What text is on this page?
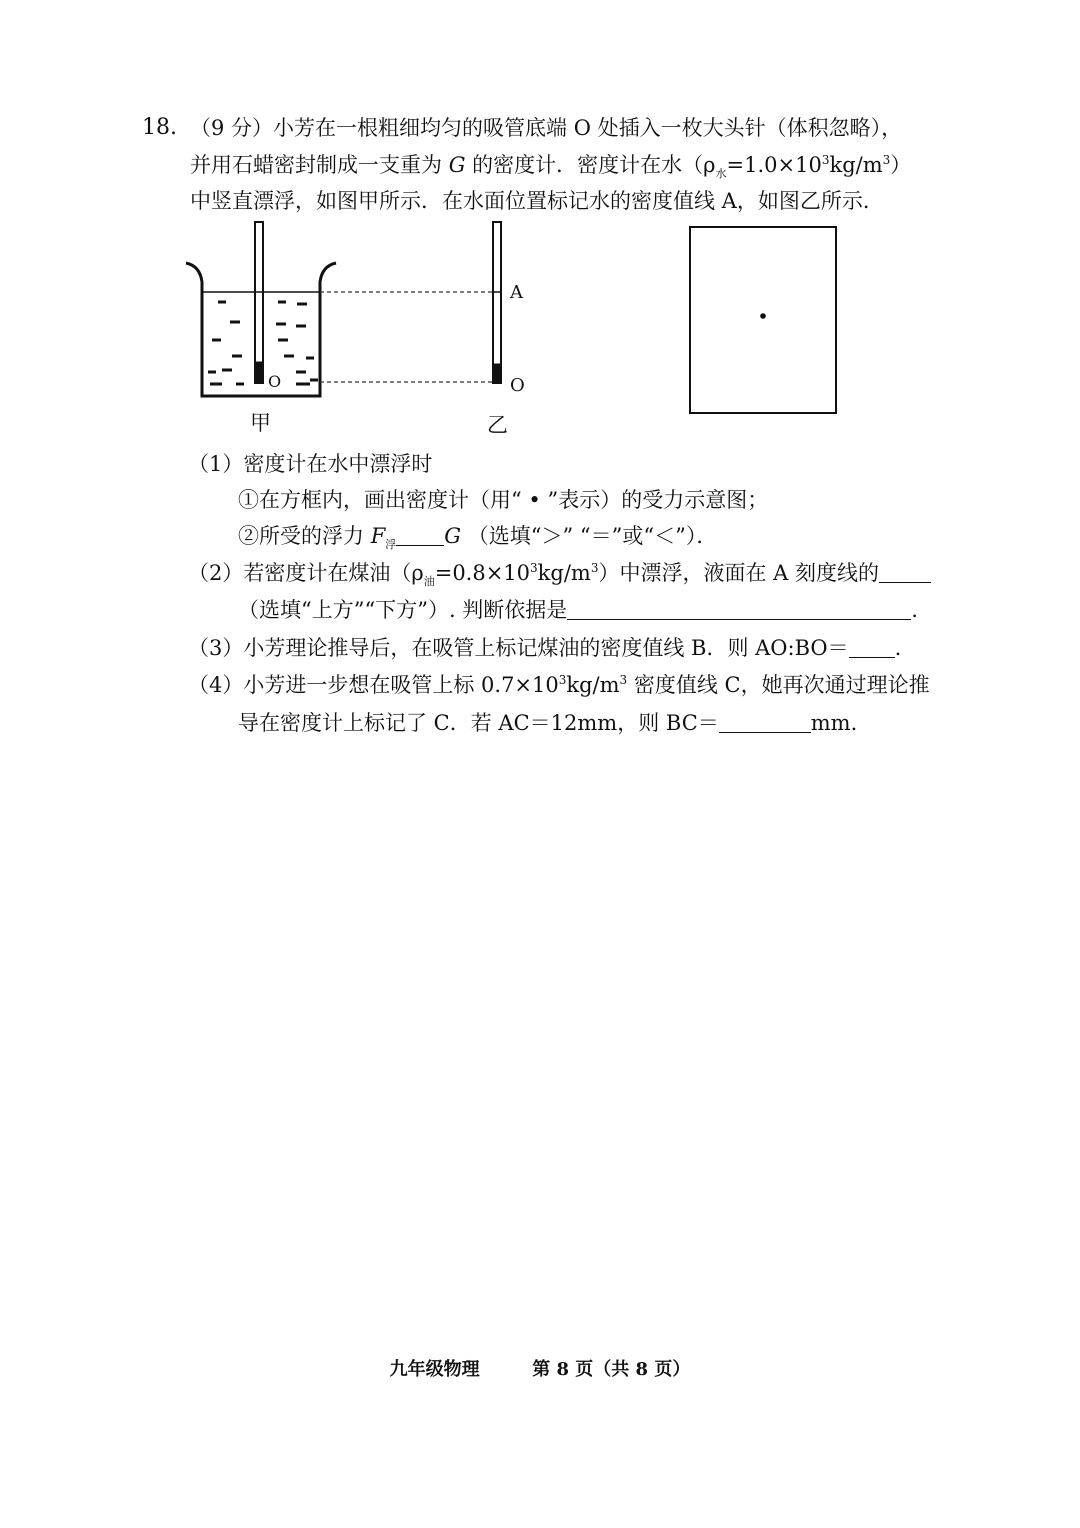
18. （9 分）小芳在一根粗细均匀的吸管底端 O 处插入一枚大头针（体积忽略），
并用石蜡密封制成一支重为 G 的密度计．密度计在水$(\rho_水=1.0\times 10^3kg/m^3)$
中竖直漂浮，如图甲所示．在水面位置标记水的密度值线 A，如图乙所示．
A
O
O
甲	乙
（1）密度计在水中漂浮时
①在方框内，画出密度计（用“ • ”表示）的受力示意图；
②所受的浮力 $F_浮$ G （选填“＞” “＝”或“＜”）．
（2）若密度计在煤油$(\rho_油=0.8\times 10^3kg/m^3)$中漂浮，液面在 A 刻度线的
（选填“上方”“下方”）. 判断依据是	.
（3）小芳理论推导后，在吸管上标记煤油的密度值线 B．则 AO:BO＝ .
（4）小芳进一步想在吸管上标 $0.7\times 10^3kg/m^3$ 密度值线 C，她再次通过理论推
导在密度计上标记了 C．若 AC＝12mm，则 BC＝	mm.
九年级物理	第 8 页（共 8 页）
